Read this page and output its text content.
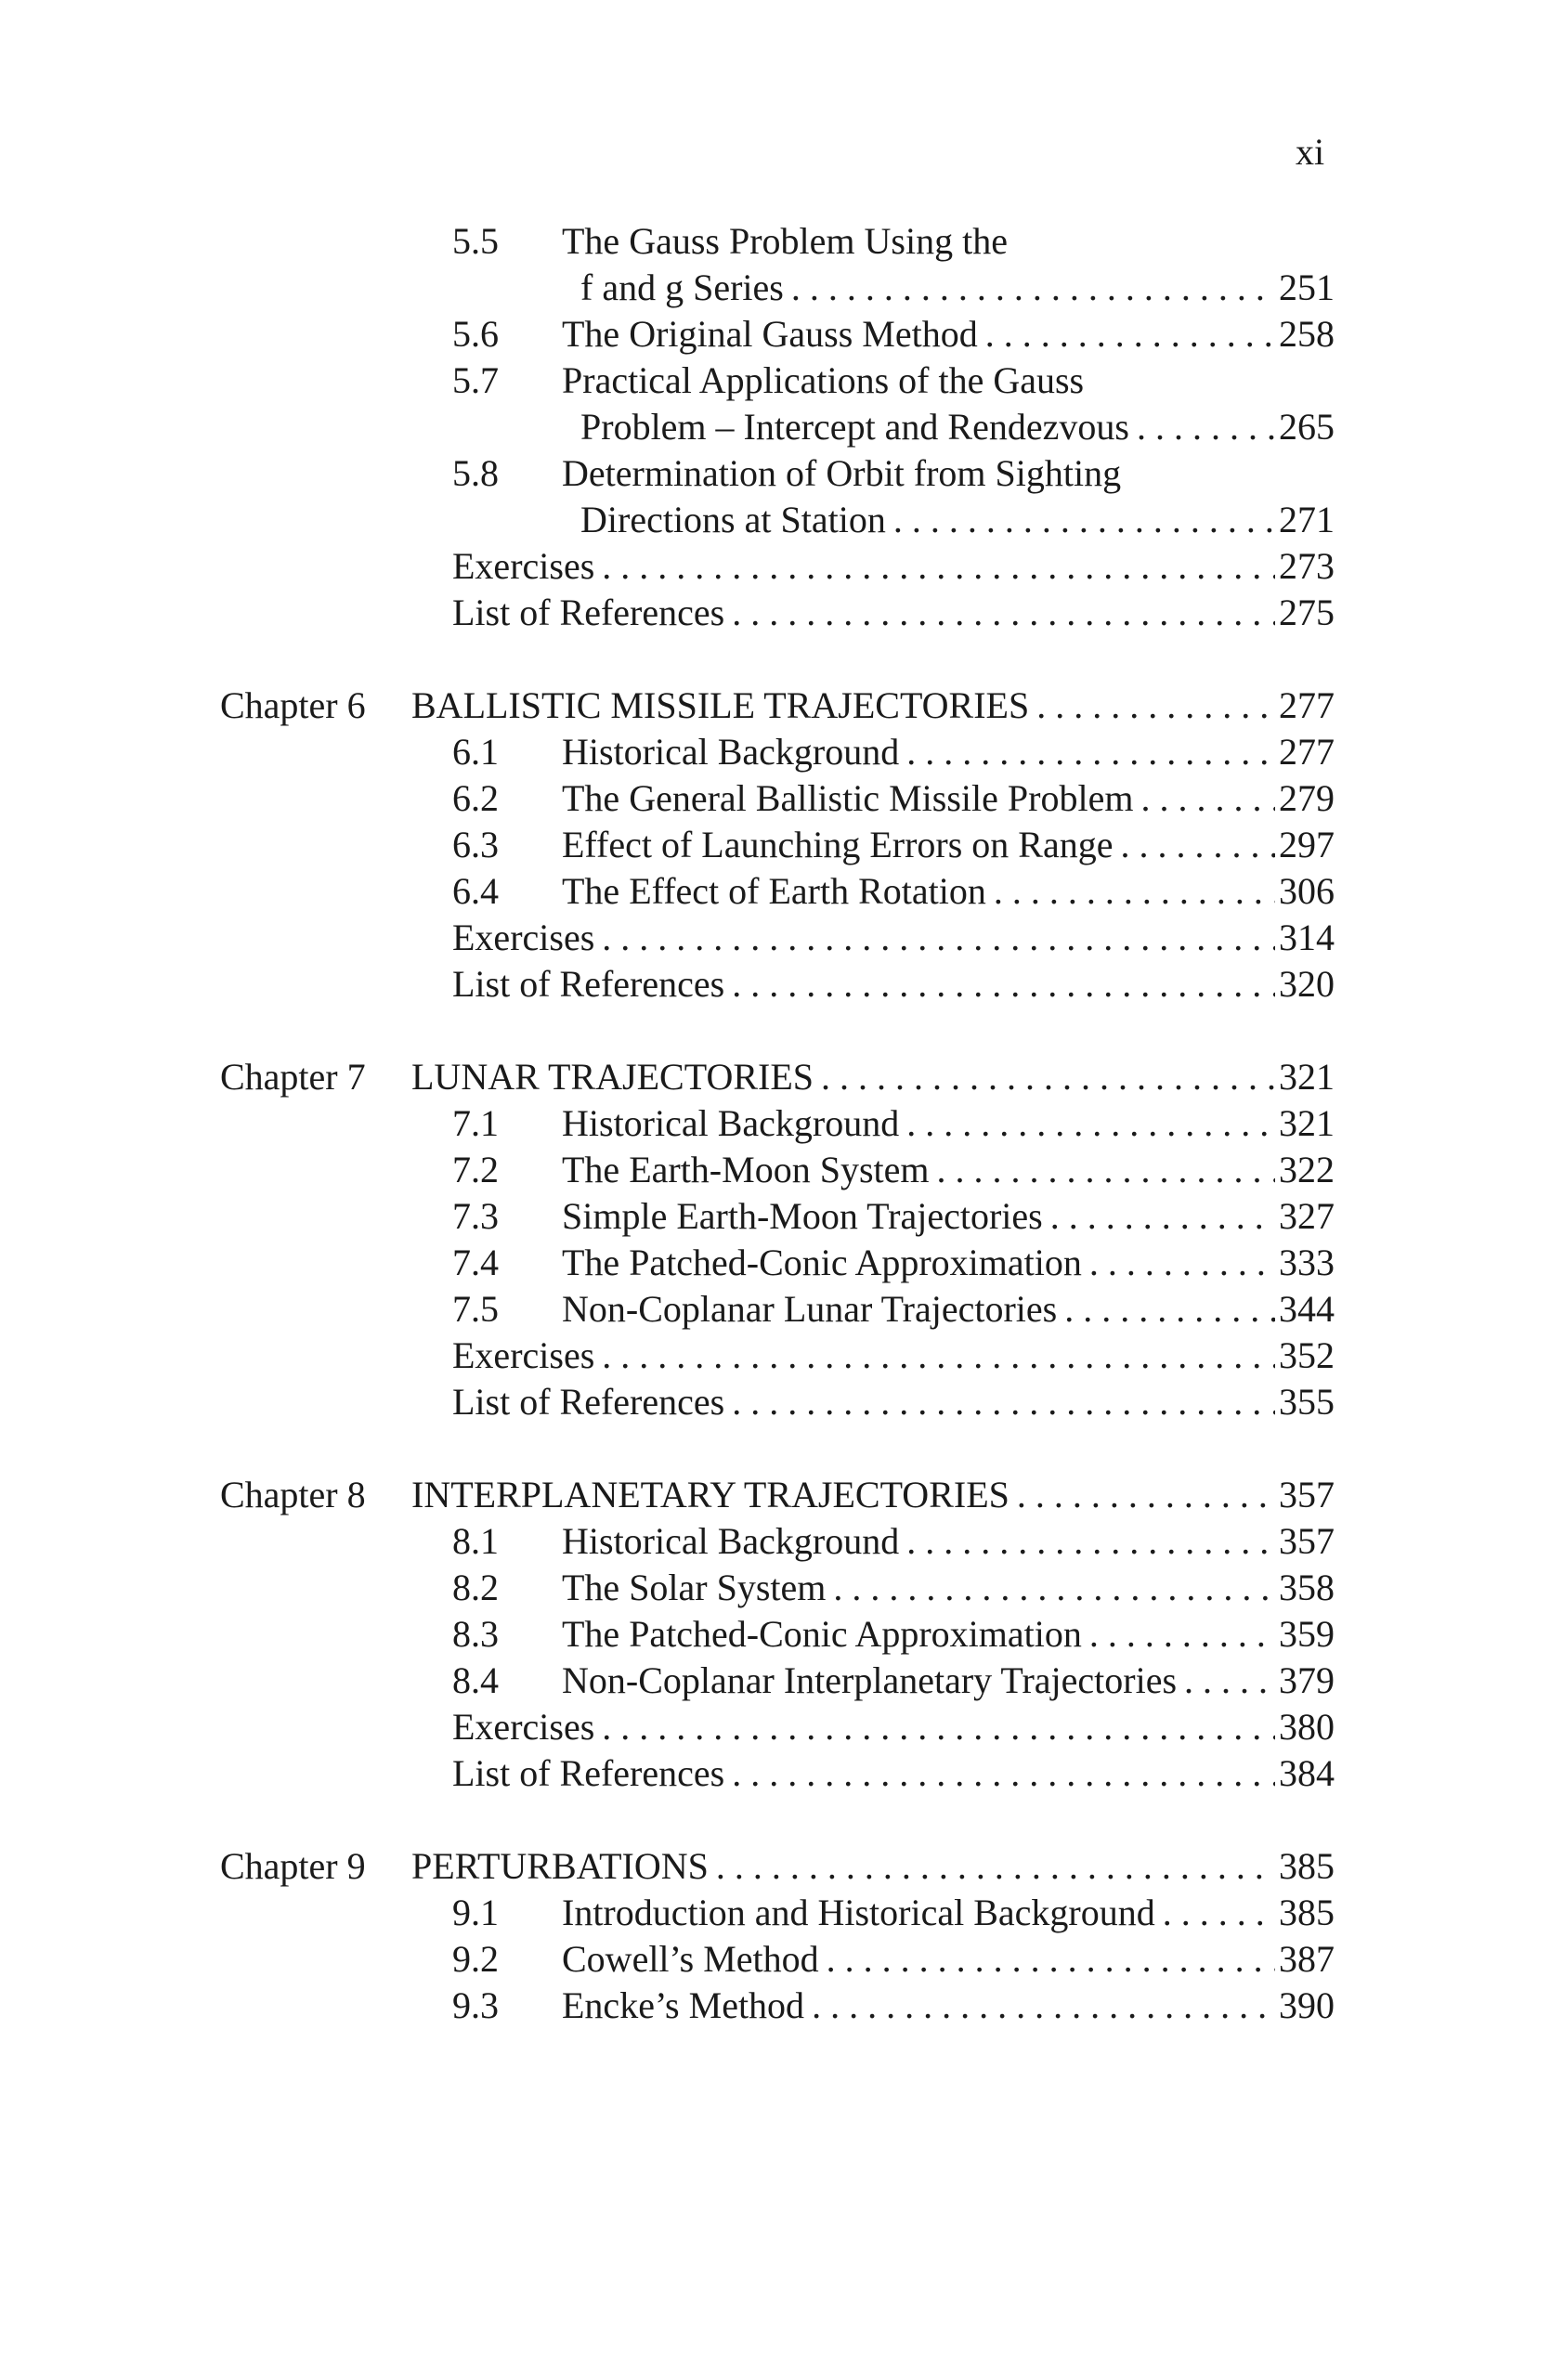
xi
5.5 The Gauss Problem Using the
f and g Series . . .	251
5.6 The Original Gauss Method . . .	258
5.7 Practical Applications of the Gauss
Problem – Intercept and Rendezvous . . .	265
5.8 Determination of Orbit from Sighting
Directions at Station . . .	271
Exercises . . .	273
List of References . . .	275
Chapter 6 BALLISTIC MISSILE TRAJECTORIES . . .	277
6.1 Historical Background . . .	277
6.2 The General Ballistic Missile Problem . . .	279
6.3 Effect of Launching Errors on Range . . .	297
6.4 The Effect of Earth Rotation . . .	306
Exercises . . .	314
List of References . . .	320
Chapter 7 LUNAR TRAJECTORIES . . .	321
7.1 Historical Background . . .	321
7.2 The Earth-Moon System . . .	322
7.3 Simple Earth-Moon Trajectories . . .	327
7.4 The Patched-Conic Approximation . . .	333
7.5 Non-Coplanar Lunar Trajectories . . .	344
Exercises . . .	352
List of References . . .	355
Chapter 8 INTERPLANETARY TRAJECTORIES . . .	357
8.1 Historical Background . . .	357
8.2 The Solar System . . .	358
8.3 The Patched-Conic Approximation . . .	359
8.4 Non-Coplanar Interplanetary Trajectories . . .	379
Exercises . . .	380
List of References . . .	384
Chapter 9 PERTURBATIONS . . .	385
9.1 Introduction and Historical Background . . .	385
9.2 Cowell’s Method . . .	387
9.3 Encke’s Method . . .	390
